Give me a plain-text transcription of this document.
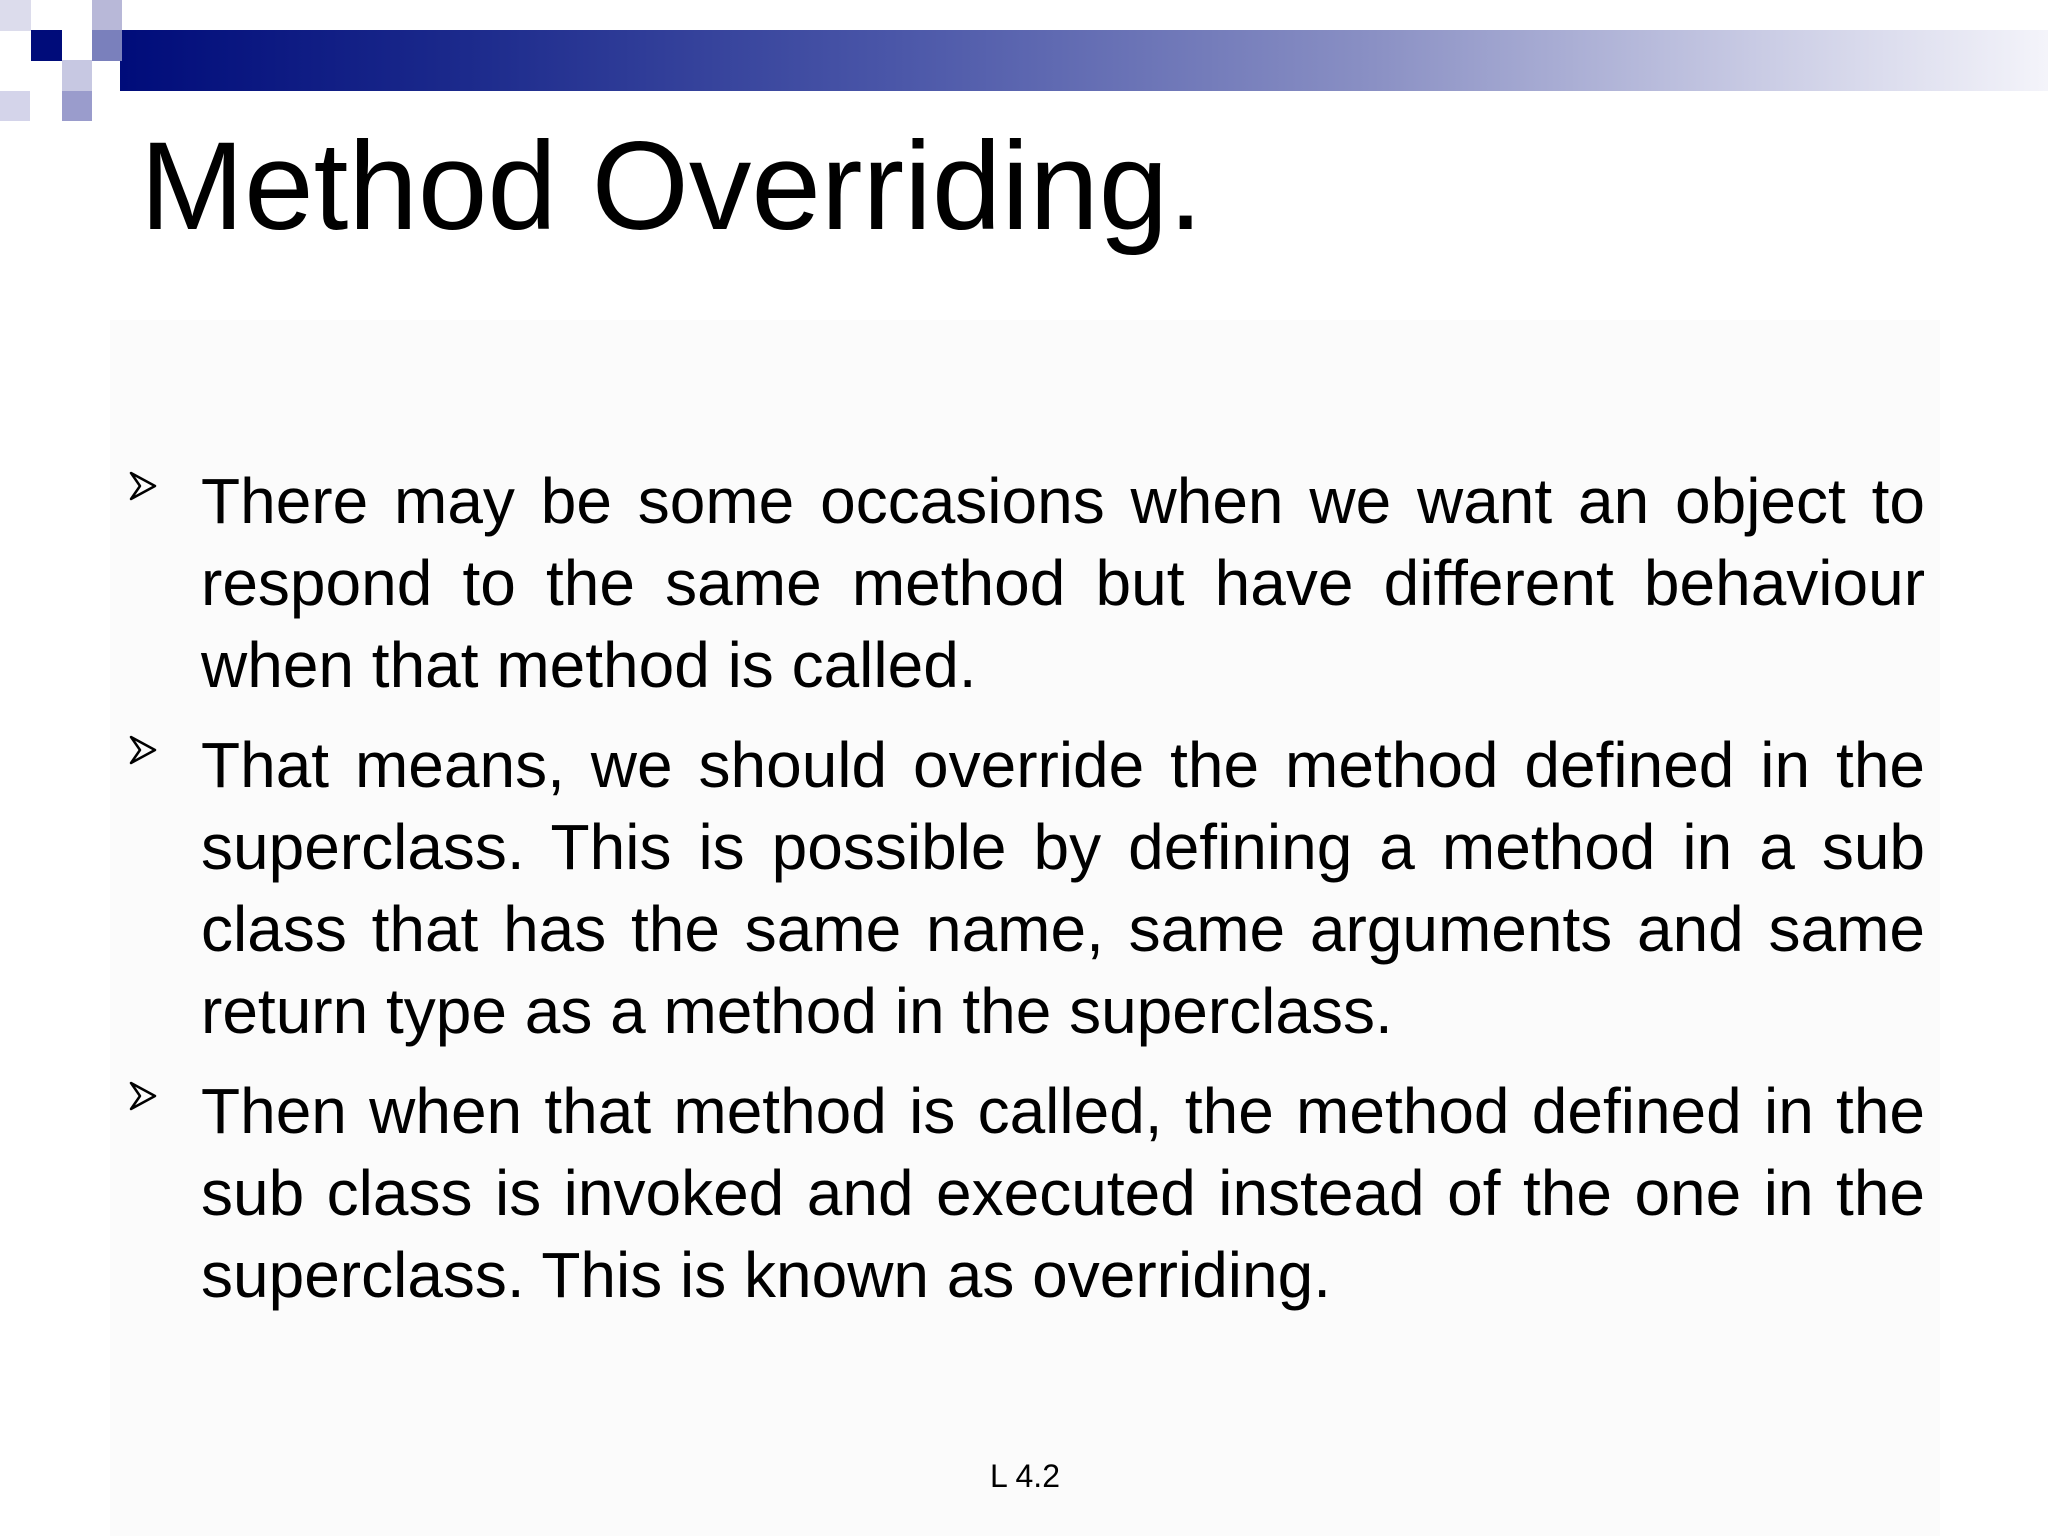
Method Overriding.
There may be some occasions when we want an object to respond to the same method but have different behaviour when that method is called.
That means, we should override the method defined in the superclass. This is possible by defining a method in a sub class that has the same name, same arguments and same return type as a method in the superclass.
Then when that method is called, the method defined in the sub class is invoked and executed instead of the one in the superclass. This is known as overriding.
L 4.2
